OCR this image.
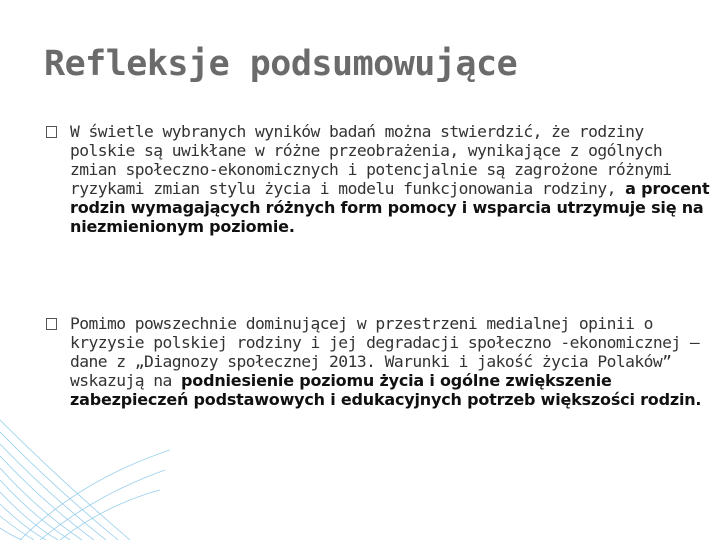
Refleksje podsumowujące

W świetle wybranych wyników badań można stwierdzić, że rodziny polskie są uwikłane w różne przeobrażenia, wynikające z ogólnych zmian społeczno-ekonomicznych i potencjalnie są zagrożone różnymi ryzykami zmian stylu życia i modelu funkcjonowania rodziny, a procent rodzin wymagających różnych form pomocy i wsparcia utrzymuje się na niezmienionym poziomie.

Pomimo powszechnie dominującej w przestrzeni medialnej opinii o kryzysie polskiej rodziny i jej degradacji społeczno -ekonomicznej – dane z „Diagnozy społecznej 2013. Warunki i jakość życia Polaków” wskazują na podniesienie poziomu życia i ogólne zwiększenie zabezpieczeń podstawowych i edukacyjnych potrzeb większości rodzin.
